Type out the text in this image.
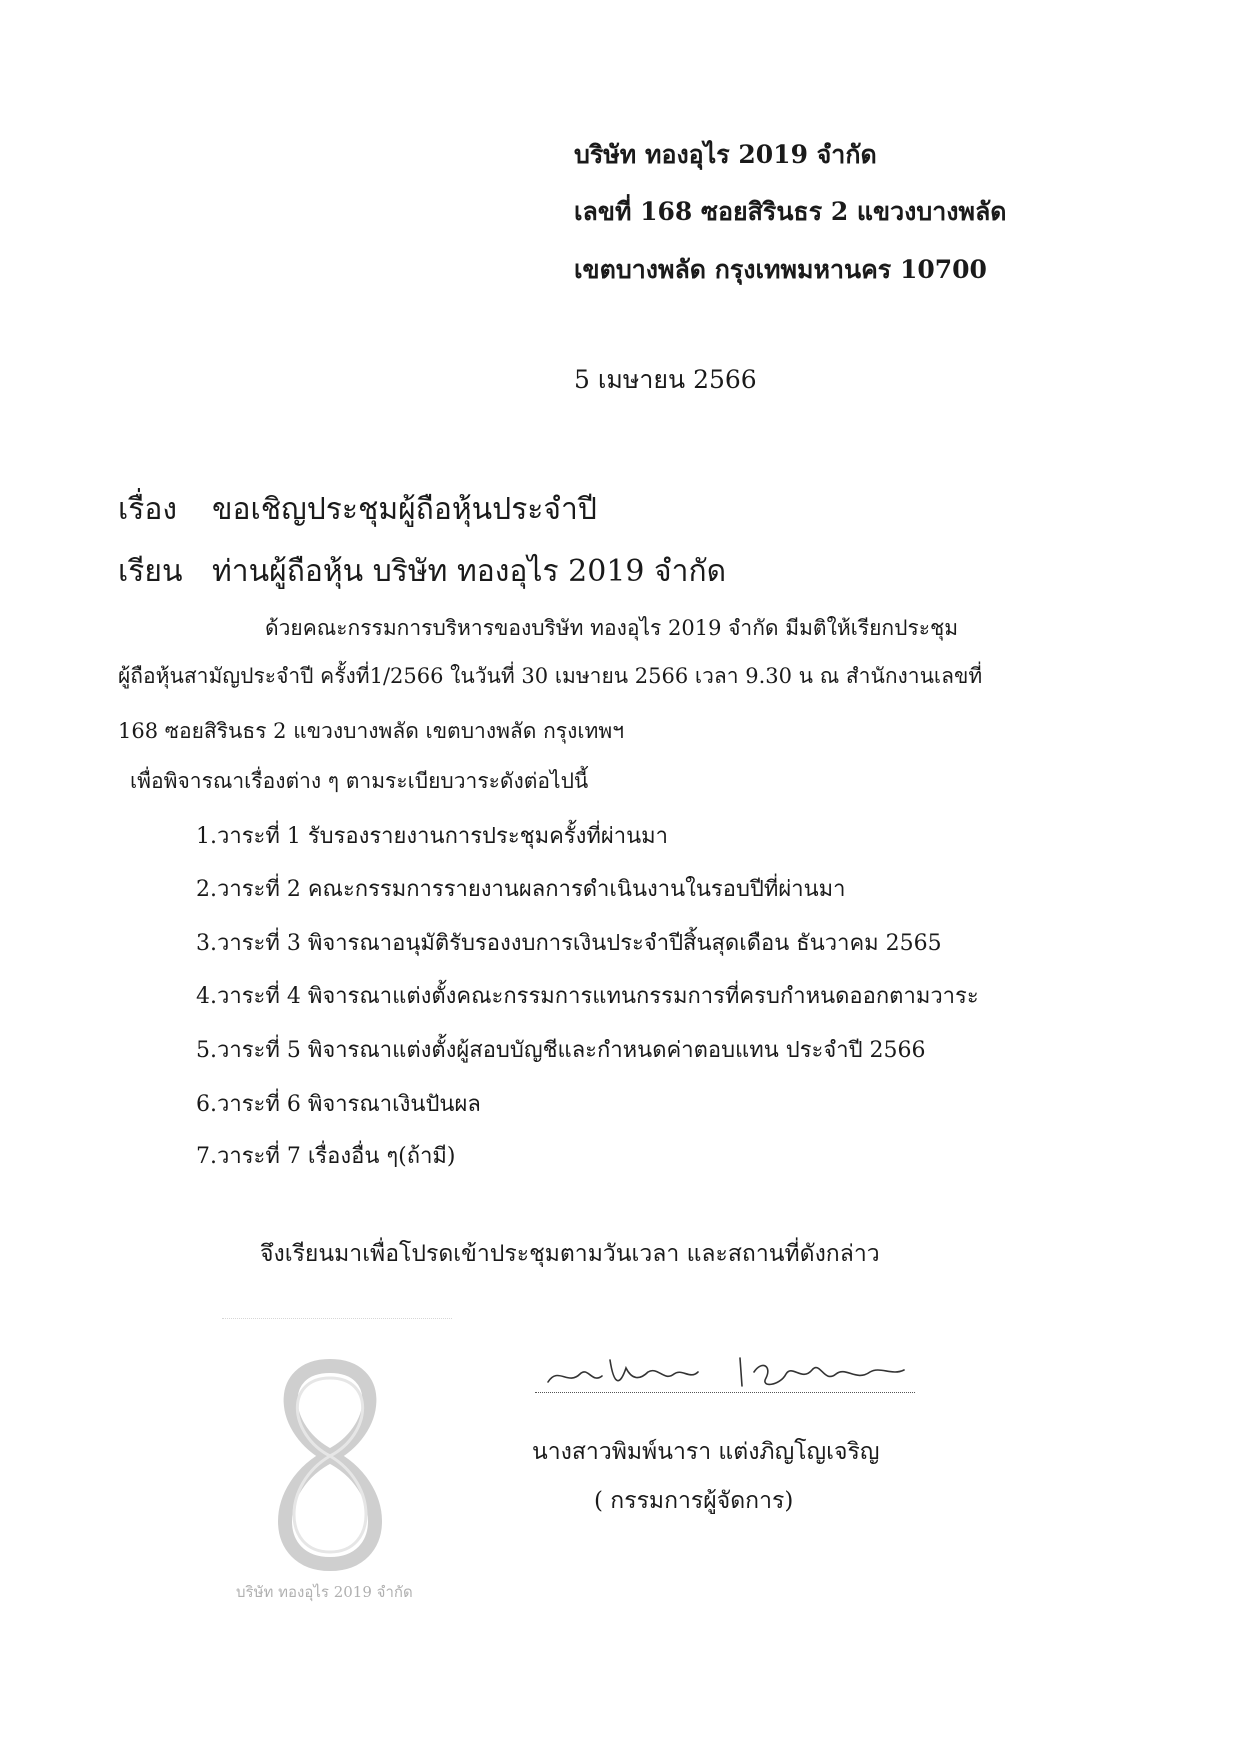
บริษัท ทองอุไร 2019 จำกัด
เลขที่ 168 ซอยสิรินธร 2 แขวงบางพลัด
เขตบางพลัด กรุงเทพมหานคร 10700
5 เมษายน 2566
เรื่อง ขอเชิญประชุมผู้ถือหุ้นประจำปี
เรียน ท่านผู้ถือหุ้น บริษัท ทองอุไร 2019 จำกัด
ด้วยคณะกรรมการบริหารของบริษัท ทองอุไร 2019 จำกัด มีมติให้เรียกประชุม
ผู้ถือหุ้นสามัญประจำปี ครั้งที่1/2566 ในวันที่ 30 เมษายน 2566 เวลา 9.30 น ณ สำนักงานเลขที่
168 ซอยสิรินธร 2 แขวงบางพลัด เขตบางพลัด กรุงเทพฯ
เพื่อพิจารณาเรื่องต่าง ๆ ตามระเบียบวาระดังต่อไปนี้
1.วาระที่ 1 รับรองรายงานการประชุมครั้งที่ผ่านมา
2.วาระที่ 2 คณะกรรมการรายงานผลการดำเนินงานในรอบปีที่ผ่านมา
3.วาระที่ 3 พิจารณาอนุมัติรับรองงบการเงินประจำปีสิ้นสุดเดือน ธันวาคม 2565
4.วาระที่ 4 พิจารณาแต่งตั้งคณะกรรมการแทนกรรมการที่ครบกำหนดออกตามวาระ
5.วาระที่ 5 พิจารณาแต่งตั้งผู้สอบบัญชีและกำหนดค่าตอบแทน ประจำปี 2566
6.วาระที่ 6 พิจารณาเงินปันผล
7.วาระที่ 7 เรื่องอื่น ๆ(ถ้ามี)
จึงเรียนมาเพื่อโปรดเข้าประชุมตามวันเวลา และสถานที่ดังกล่าว
บริษัท ทองอุไร 2019 จำกัด
นางสาวพิมพ์นารา แต่งภิญโญเจริญ
( กรรมการผู้จัดการ)
